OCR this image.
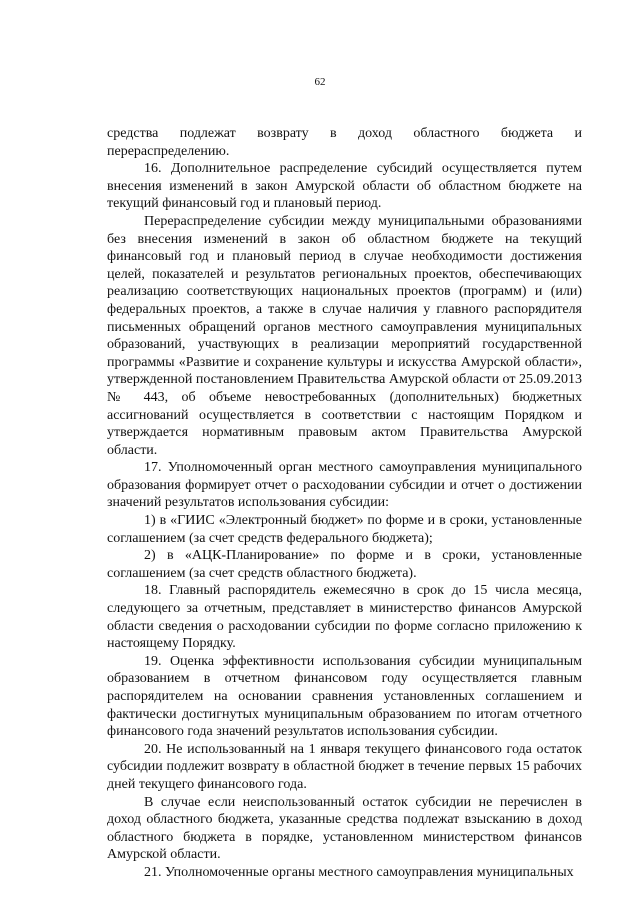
62

средства подлежат возврату в доход областного бюджета и перераспределению.

16. Дополнительное распределение субсидий осуществляется путем внесения изменений в закон Амурской области об областном бюджете на текущий финансовый год и плановый период.

Перераспределение субсидии между муниципальными образованиями без внесения изменений в закон об областном бюджете на текущий финансовый год и плановый период в случае необходимости достижения целей, показателей и результатов региональных проектов, обеспечивающих реализацию соответствующих национальных проектов (программ) и (или) федеральных проектов, а также в случае наличия у главного распорядителя письменных обращений органов местного самоуправления муниципальных образований, участвующих в реализации мероприятий государственной программы «Развитие и сохранение культуры и искусства Амурской области», утвержденной постановлением Правительства Амурской области от 25.09.2013 № 443, об объеме невостребованных (дополнительных) бюджетных ассигнований осуществляется в соответствии с настоящим Порядком и утверждается нормативным правовым актом Правительства Амурской области.

17. Уполномоченный орган местного самоуправления муниципального образования формирует отчет о расходовании субсидии и отчет о достижении значений результатов использования субсидии:

1) в «ГИИС «Электронный бюджет» по форме и в сроки, установленные соглашением (за счет средств федерального бюджета);

2) в «АЦК-Планирование» по форме и в сроки, установленные соглашением (за счет средств областного бюджета).

18. Главный распорядитель ежемесячно в срок до 15 числа месяца, следующего за отчетным, представляет в министерство финансов Амурской области сведения о расходовании субсидии по форме согласно приложению к настоящему Порядку.

19. Оценка эффективности использования субсидии муниципальным образованием в отчетном финансовом году осуществляется главным распорядителем на основании сравнения установленных соглашением и фактически достигнутых муниципальным образованием по итогам отчетного финансового года значений результатов использования субсидии.

20. Не использованный на 1 января текущего финансового года остаток субсидии подлежит возврату в областной бюджет в течение первых 15 рабочих дней текущего финансового года.

В случае если неиспользованный остаток субсидии не перечислен в доход областного бюджета, указанные средства подлежат взысканию в доход областного бюджета в порядке, установленном министерством финансов Амурской области.

21. Уполномоченные органы местного самоуправления муниципальных
